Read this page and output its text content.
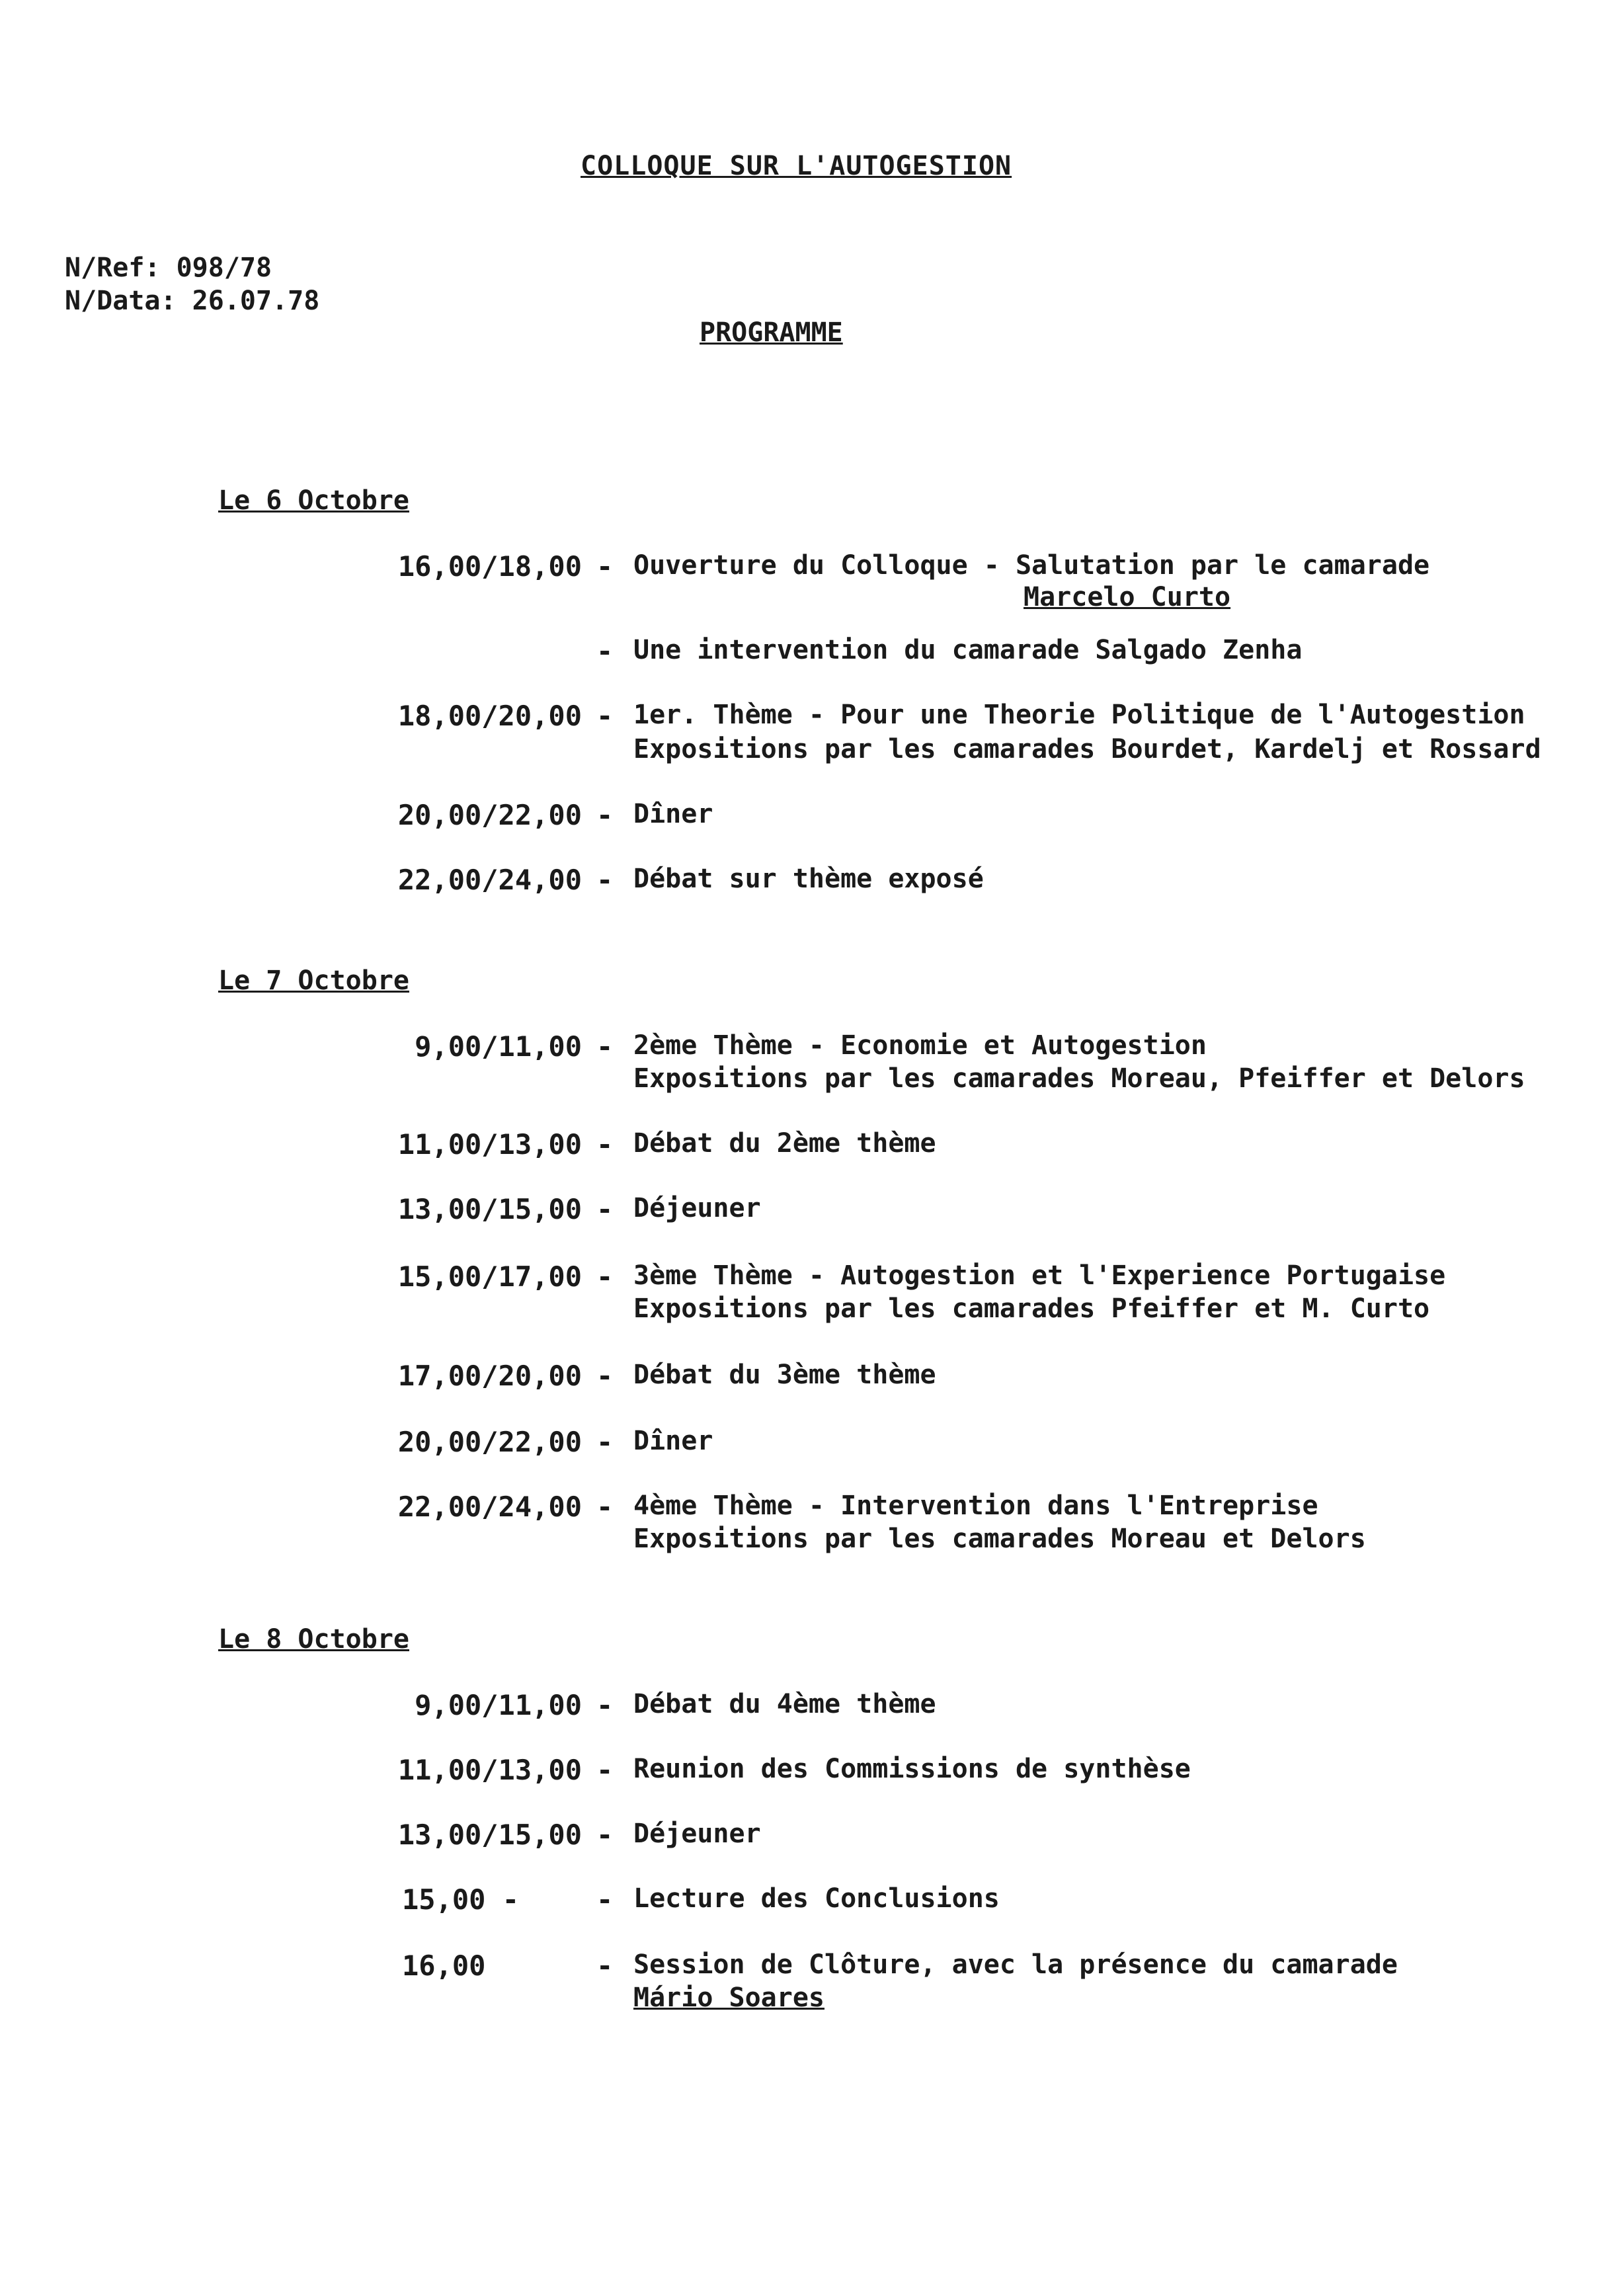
COLLOQUE SUR L'AUTOGESTION
N/Ref: 098/78
N/Data: 26.07.78
PROGRAMME
Le 6 Octobre
16,00/18,00 - Ouverture du Colloque - Salutation par le camarade
Marcelo Curto
- Une intervention du camarade Salgado Zenha
18,00/20,00 - 1er. Thème - Pour une Theorie Politique de l'Autogestion
Expositions par les camarades Bourdet, Kardelj et Rossard
20,00/22,00 - Dîner
22,00/24,00 - Débat sur thème exposé
Le 7 Octobre
9,00/11,00 - 2ème Thème - Economie et Autogestion
Expositions par les camarades Moreau, Pfeiffer et Delors
11,00/13,00 - Débat du 2ème thème
13,00/15,00 - Déjeuner
15,00/17,00 - 3ème Thème - Autogestion et l'Experience Portugaise
Expositions par les camarades Pfeiffer et M. Curto
17,00/20,00 - Débat du 3ème thème
20,00/22,00 - Dîner
22,00/24,00 - 4ème Thème - Intervention dans l'Entreprise
Expositions par les camarades Moreau et Delors
Le 8 Octobre
9,00/11,00 - Débat du 4ème thème
11,00/13,00 - Reunion des Commissions de synthèse
13,00/15,00 - Déjeuner
15,00 -	- Lecture des Conclusions
16,00	- Session de Clôture, avec la présence du camarade
Mário Soares
